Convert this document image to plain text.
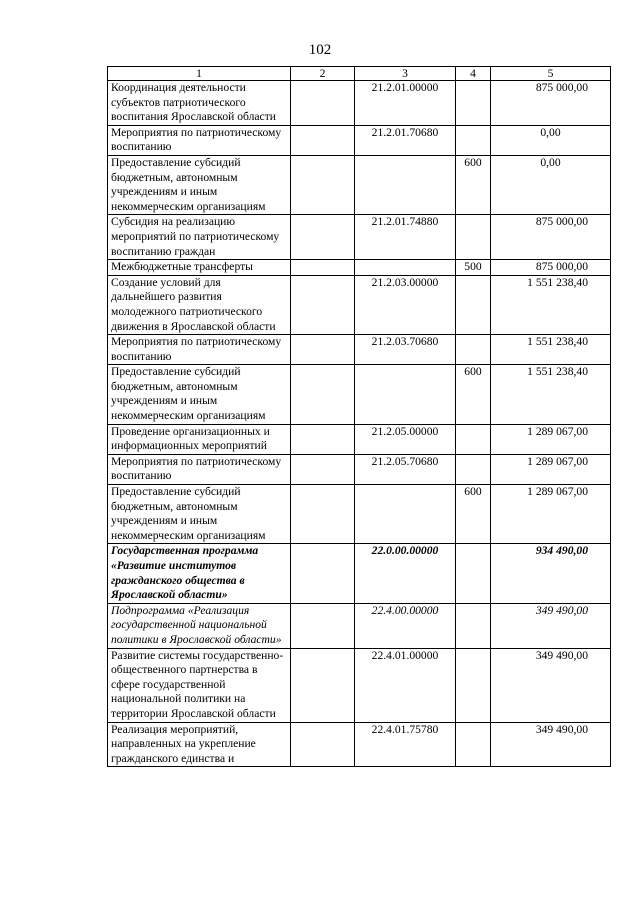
102
1	2	3	4	5
Координация деятельности субъектов патриотического воспитания Ярославской области		21.2.01.00000		875 000,00
Мероприятия по патриотическому воспитанию		21.2.01.70680		0,00
Предоставление субсидий бюджетным, автономным учреждениям и иным некоммерческим организациям			600	0,00
Субсидия на реализацию мероприятий по патриотическому воспитанию граждан		21.2.01.74880		875 000,00
Межбюджетные трансферты			500	875 000,00
Создание условий для дальнейшего развития молодежного патриотического движения в Ярославской области		21.2.03.00000		1 551 238,40
Мероприятия по патриотическому воспитанию		21.2.03.70680		1 551 238,40
Предоставление субсидий бюджетным, автономным учреждениям и иным некоммерческим организациям			600	1 551 238,40
Проведение организационных и информационных мероприятий		21.2.05.00000		1 289 067,00
Мероприятия по патриотическому воспитанию		21.2.05.70680		1 289 067,00
Предоставление субсидий бюджетным, автономным учреждениям и иным некоммерческим организациям			600	1 289 067,00
Государственная программа «Развитие институтов гражданского общества в Ярославской области»		22.0.00.00000		934 490,00
Подпрограмма «Реализация государственной национальной политики в Ярославской области»		22.4.00.00000		349 490,00
Развитие системы государственно-общественного партнерства в сфере государственной национальной политики на территории Ярославской области		22.4.01.00000		349 490,00
Реализация мероприятий, направленных на укрепление гражданского единства и		22.4.01.75780		349 490,00
